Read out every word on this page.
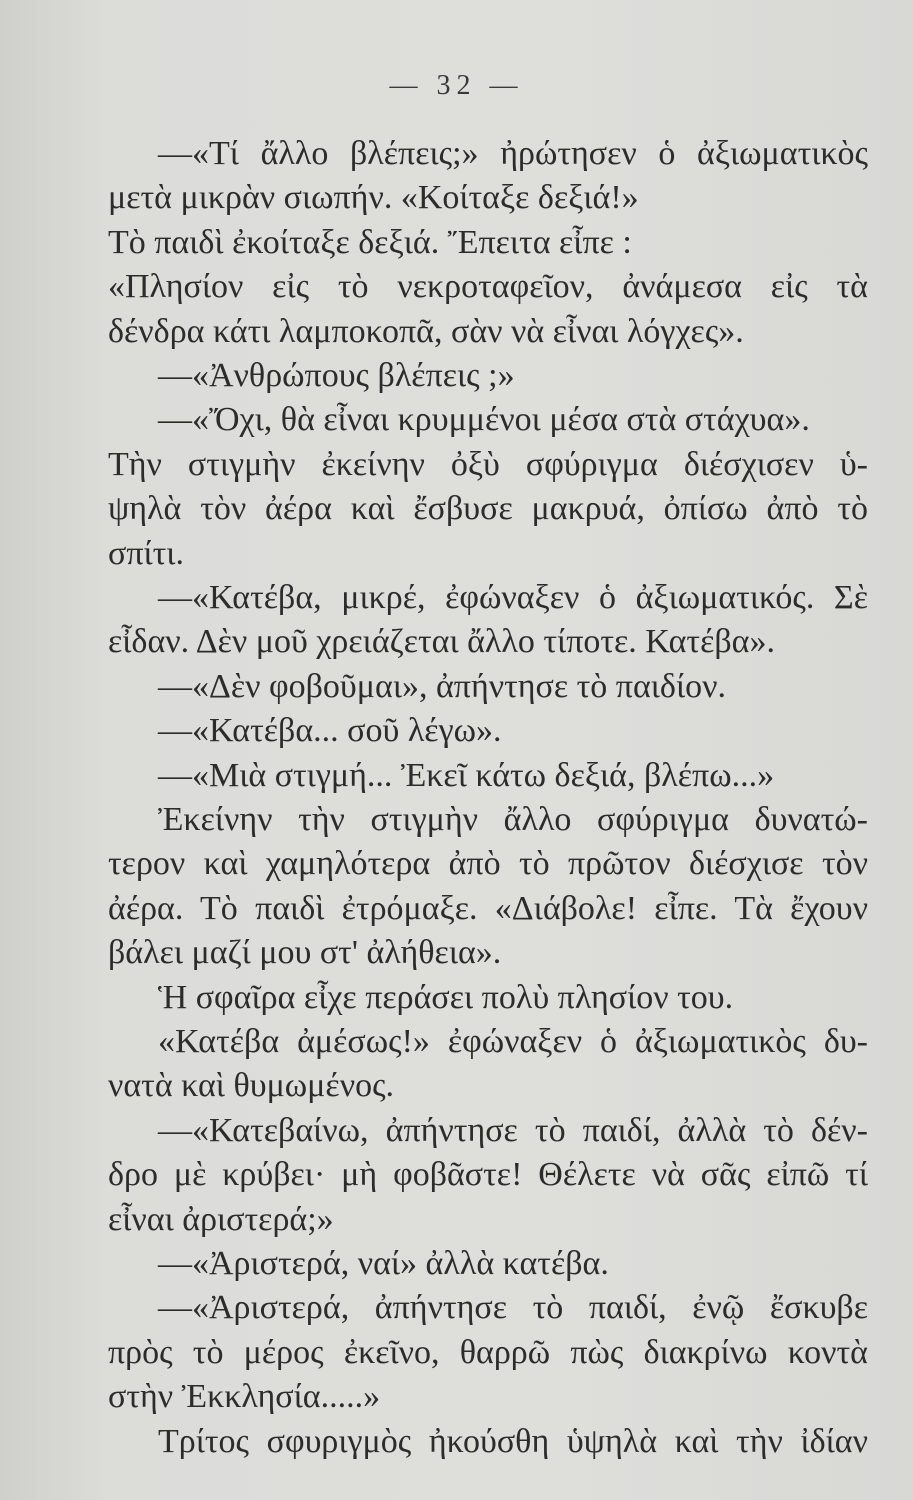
— 32 —
—«Τί ἄλλο βλέπεις;» ἠρώτησεν ὁ ἀξιωματικὸς
μετὰ μικρὰν σιωπήν. «Κοίταξε δεξιά!»
Τὸ παιδὶ ἐκοίταξε δεξιά. Ἔπειτα εἶπε :
«Πλησίον εἰς τὸ νεκροταφεῖον, ἀνάμεσα εἰς τὰ
δένδρα κάτι λαμποκοπᾶ, σὰν νὰ εἶναι λόγχες».
—«Ἀνθρώπους βλέπεις ;»
—«Ὄχι, θὰ εἶναι κρυμμένοι μέσα στὰ στάχυα».
Τὴν στιγμὴν ἐκείνην ὀξὺ σφύριγμα διέσχισεν ὑ-
ψηλὰ τὸν ἀέρα καὶ ἔσβυσε μακρυά, ὀπίσω ἀπὸ τὸ
σπίτι.
—«Κατέβα, μικρέ, ἐφώναξεν ὁ ἀξιωματικός. Σὲ
εἶδαν. Δὲν μοῦ χρειάζεται ἄλλο τίποτε. Κατέβα».
—«Δὲν φοβοῦμαι», ἀπήντησε τὸ παιδίον.
—«Κατέβα... σοῦ λέγω».
—«Μιὰ στιγμή... Ἐκεῖ κάτω δεξιά, βλέπω...»
Ἐκείνην τὴν στιγμὴν ἄλλο σφύριγμα δυνατώ-
τερον καὶ χαμηλότερα ἀπὸ τὸ πρῶτον διέσχισε τὸν
ἀέρα. Τὸ παιδὶ ἐτρόμαξε. «Διάβολε! εἶπε. Τὰ ἔχουν
βάλει μαζί μου στ' ἀλήθεια».
Ἡ σφαῖρα εἶχε περάσει πολὺ πλησίον του.
«Κατέβα ἀμέσως!» ἐφώναξεν ὁ ἀξιωματικὸς δυ-
νατὰ καὶ θυμωμένος.
—«Κατεβαίνω, ἀπήντησε τὸ παιδί, ἀλλὰ τὸ δέν-
δρο μὲ κρύβει· μὴ φοβᾶστε! Θέλετε νὰ σᾶς εἰπῶ τί
εἶναι ἀριστερά;»
—«Ἀριστερά, ναί» ἀλλὰ κατέβα.
—«Ἀριστερά, ἀπήντησε τὸ παιδί, ἐνῷ ἔσκυβε
πρὸς τὸ μέρος ἐκεῖνο, θαρρῶ πὼς διακρίνω κοντὰ
στὴν Ἐκκλησία.....»
Τρίτος σφυριγμὸς ἠκούσθη ὑψηλὰ καὶ τὴν ἰδίαν
